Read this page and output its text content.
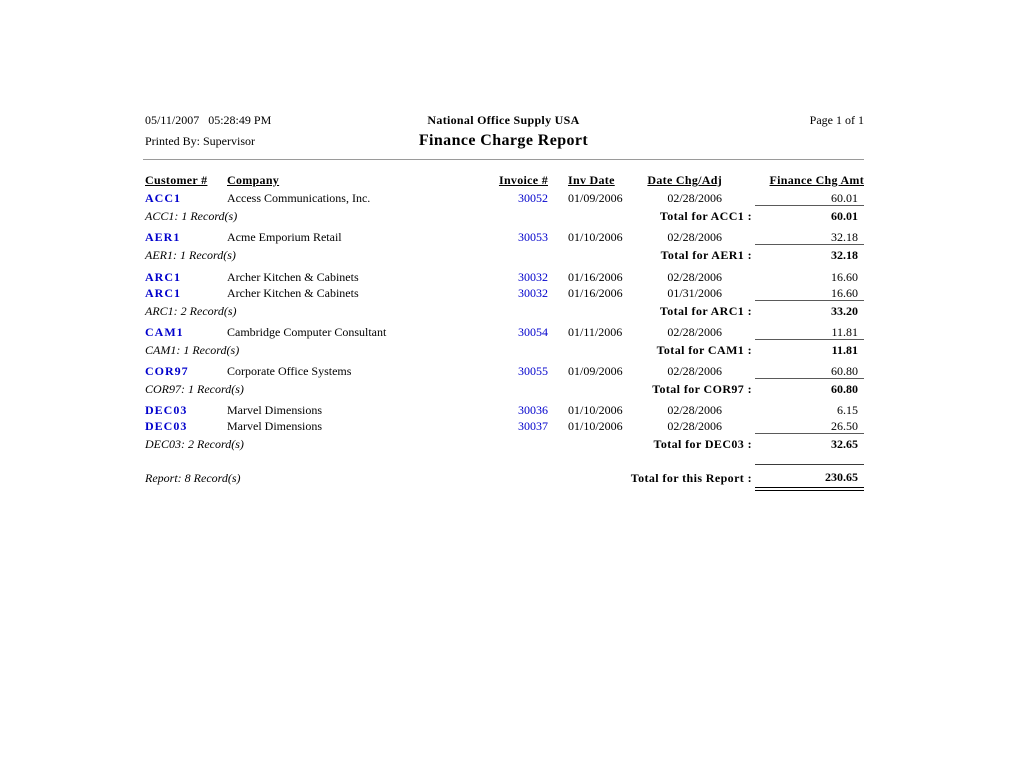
05/11/2007   05:28:49 PM	National Office Supply USA	Page 1 of 1
Printed By: Supervisor	Finance Charge Report
Customer # Company	Invoice # Inv Date	Date Chg/Adj	Finance Chg Amt
ACC1	Access Communications, Inc.	30052 01/09/2006	02/28/2006	60.01
ACC1: 1 Record(s)	Total for ACC1 :	60.01
AER1	Acme Emporium Retail	30053 01/10/2006	02/28/2006	32.18
AER1: 1 Record(s)	Total for AER1 :	32.18
ARC1	Archer Kitchen & Cabinets	30032 01/16/2006	02/28/2006	16.60
ARC1	Archer Kitchen & Cabinets	30032 01/16/2006	01/31/2006	16.60
ARC1: 2 Record(s)	Total for ARC1 :	33.20
CAM1	Cambridge Computer Consultant	30054 01/11/2006	02/28/2006	11.81
CAM1: 1 Record(s)	Total for CAM1 :	11.81
COR97	Corporate Office Systems	30055 01/09/2006	02/28/2006	60.80
COR97: 1 Record(s)	Total for COR97 :	60.80
DEC03	Marvel Dimensions	30036 01/10/2006	02/28/2006	6.15
DEC03	Marvel Dimensions	30037 01/10/2006	02/28/2006	26.50
DEC03: 2 Record(s)	Total for DEC03 :	32.65
Report: 8 Record(s)	Total for this Report :	230.65
